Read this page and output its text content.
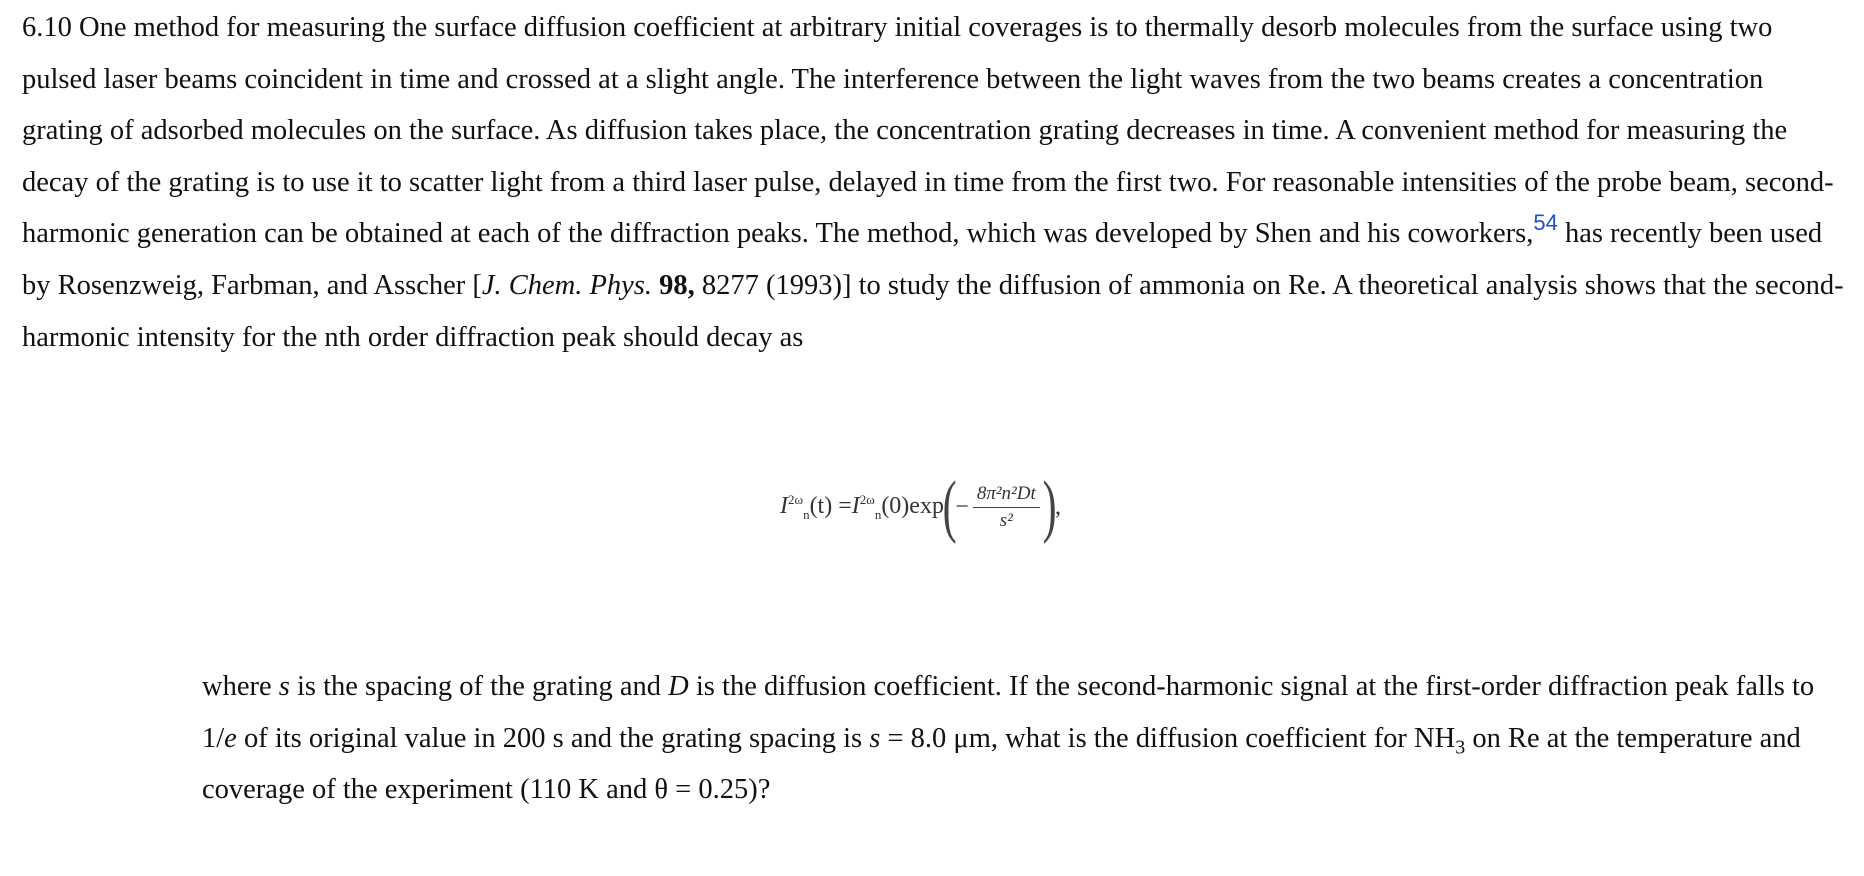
6.10 One method for measuring the surface diffusion coefficient at arbitrary initial coverages is to thermally desorb molecules from the surface using two pulsed laser beams coincident in time and crossed at a slight angle. The interference between the light waves from the two beams creates a concentration grating of adsorbed molecules on the surface. As diffusion takes place, the concentration grating decreases in time. A convenient method for measuring the decay of the grating is to use it to scatter light from a third laser pulse, delayed in time from the first two. For reasonable intensities of the probe beam, second-harmonic generation can be obtained at each of the diffraction peaks. The method, which was developed by Shen and his coworkers,$^{54}$ has recently been used by Rosenzweig, Farbman, and Asscher [J. Chem. Phys. 98, 8277 (1993)] to study the diffusion of ammonia on Re. A theoretical analysis shows that the second-harmonic intensity for the nth order diffraction peak should decay as

$I^{2\omega}_n(t) = I^{2\omega}_n(0)\exp$
(
− $\frac{\text{8π²n²Dt}}{\text{s²}}$ )
,

where s is the spacing of the grating and D is the diffusion coefficient. If the second-harmonic signal at the first-order diffraction peak falls to 1/e of its original value in 200 s and the grating spacing is s = 8.0 μm, what is the diffusion coefficient for $NH_3$ on Re at the temperature and coverage of the experiment (110 K and θ = 0.25)?
